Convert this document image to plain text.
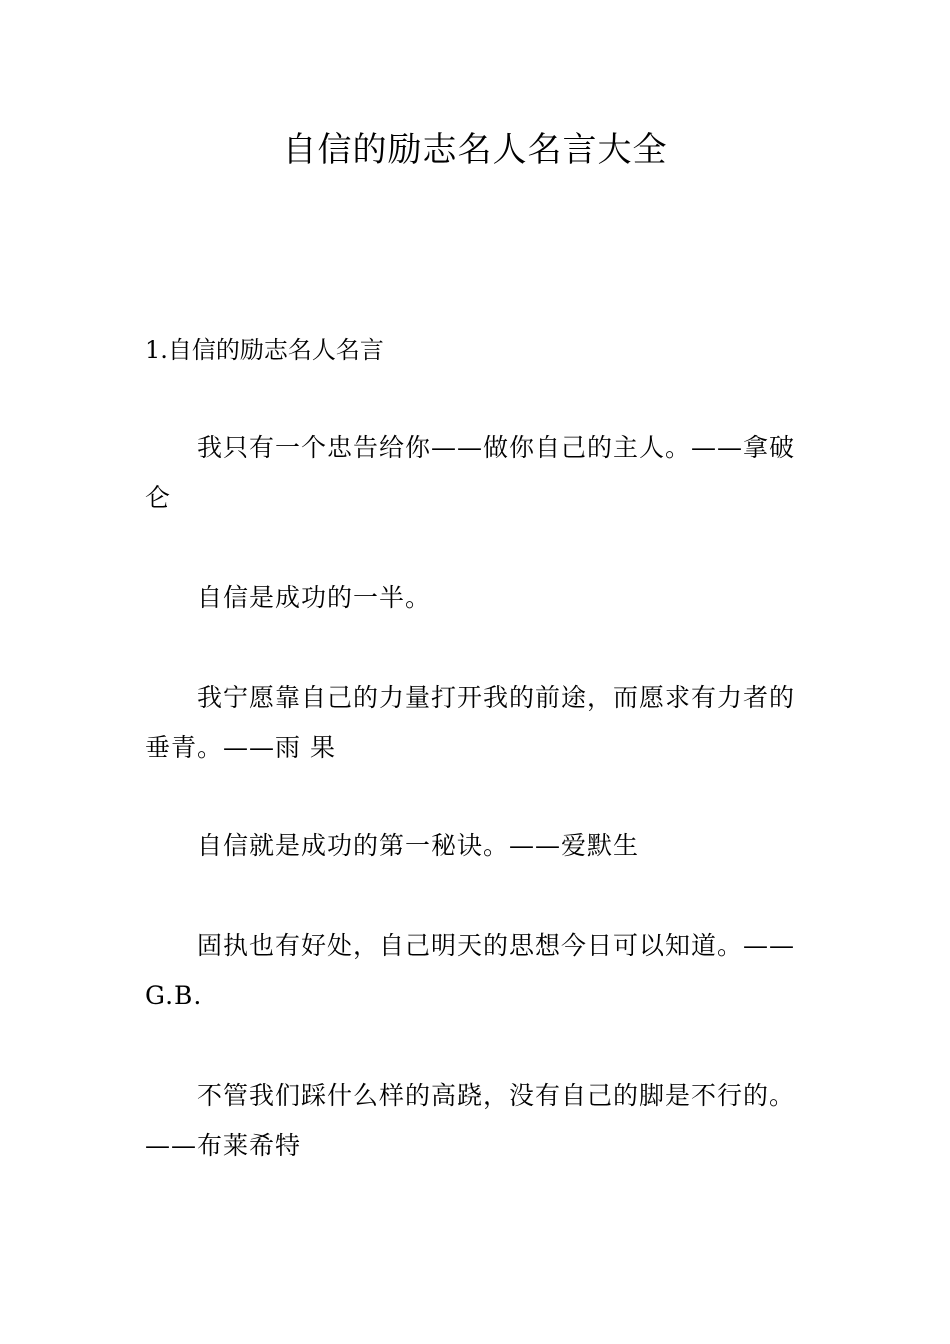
自信的励志名人名言大全
1.自信的励志名人名言

我只有一个忠告给你——做你自己的主人。——拿破仑

自信是成功的一半。

我宁愿靠自己的力量打开我的前途，而愿求有力者的垂青。——雨 果

自信就是成功的第一秘诀。——爱默生

固执也有好处，自己明天的思想今日可以知道。——G.B.

不管我们踩什么样的高跷，没有自己的脚是不行的。——布莱希特
